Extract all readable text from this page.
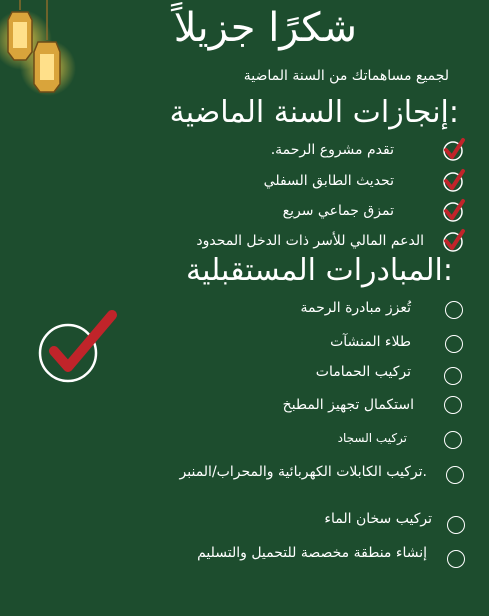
شكرًا جزيلاً
لجميع مساهماتك من السنة الماضية
:إنجازات السنة الماضية
تقدم مشروع الرحمة.
تحديث الطابق السفلي
تمزق جماعي سريع
الدعم المالي للأسر ذات الدخل المحدود
:المبادرات المستقبلية
تُعزز مبادرة الرحمة
طلاء المنشآت
تركيب الحمامات
استكمال تجهيز المطبخ
تركيب السجاد
.تركيب الكابلات الكهربائية والمحراب/المنبر
تركيب سخان الماء
إنشاء منطقة مخصصة للتحميل والتسليم
